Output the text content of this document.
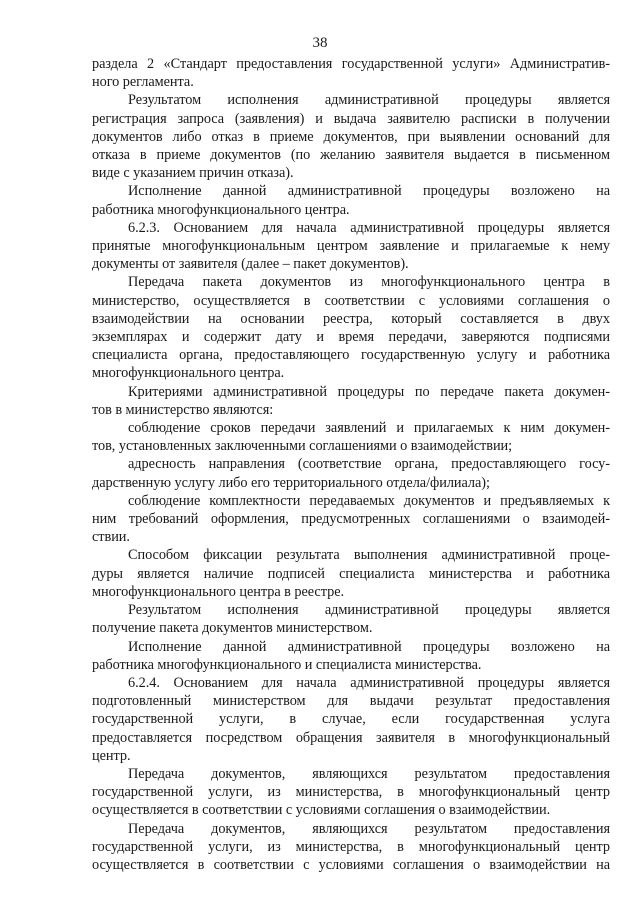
38

раздела 2 «Стандарт предоставления государственной услуги» Административ-
ного регламента.

Результатом исполнения административной процедуры является
регистрация запроса (заявления) и выдача заявителю расписки в получении
документов либо отказ в приеме документов, при выявлении оснований для
отказа в приеме документов (по желанию заявителя выдается в письменном
виде с указанием причин отказа).

Исполнение данной административной процедуры возложено на
работника многофункционального центра.

6.2.3. Основанием для начала административной процедуры является
принятые многофункциональным центром заявление и прилагаемые к нему
документы от заявителя (далее – пакет документов).

Передача пакета документов из многофункционального центра в
министерство, осуществляется в соответствии с условиями соглашения о
взаимодействии на основании реестра, который составляется в двух
экземплярах и содержит дату и время передачи, заверяются подписями
специалиста органа, предоставляющего государственную услугу и работника
многофункционального центра.

Критериями административной процедуры по передаче пакета докумен-
тов в министерство являются:

соблюдение сроков передачи заявлений и прилагаемых к ним докумен-
тов, установленных заключенными соглашениями о взаимодействии;

адресность направления (соответствие органа, предоставляющего госу-
дарственную услугу либо его территориального отдела/филиала);

соблюдение комплектности передаваемых документов и предъявляемых к
ним требований оформления, предусмотренных соглашениями о взаимодей-
ствии.

Способом фиксации результата выполнения административной проце-
дуры является наличие подписей специалиста министерства и работника
многофункционального центра в реестре.

Результатом исполнения административной процедуры является
получение пакета документов министерством.

Исполнение данной административной процедуры возложено на
работника многофункционального и специалиста министерства.

6.2.4. Основанием для начала административной процедуры является
подготовленный министерством для выдачи результат предоставления
государственной услуги, в случае, если государственная услуга
предоставляется посредством обращения заявителя в многофункциональный
центр.

Передача документов, являющихся результатом предоставления
государственной услуги, из министерства, в многофункциональный центр
осуществляется в соответствии с условиями соглашения о взаимодействии.

Передача документов, являющихся результатом предоставления
государственной услуги, из министерства, в многофункциональный центр
осуществляется в соответствии с условиями соглашения о взаимодействии на
